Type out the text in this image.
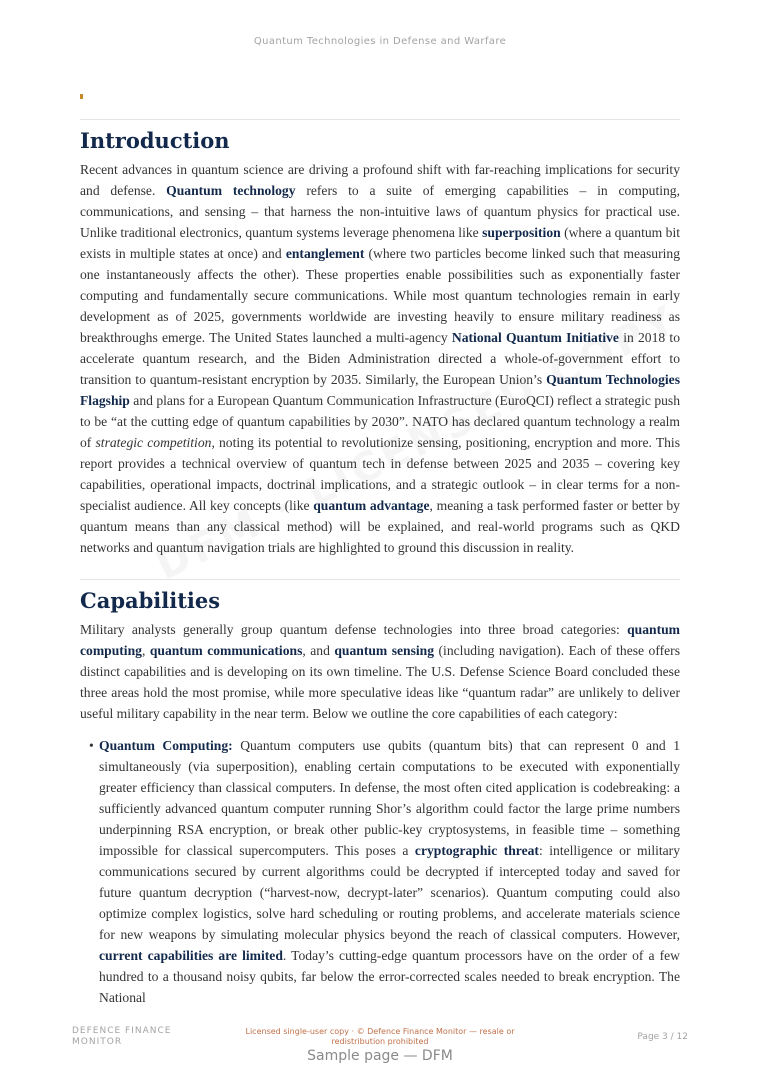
Quantum Technologies in Defense and Warfare
Introduction

Recent advances in quantum science are driving a profound shift with far-reaching implications for security and defense. Quantum technology refers to a suite of emerging capabilities – in computing, communications, and sensing – that harness the non-intuitive laws of quantum physics for practical use. Unlike traditional electronics, quantum systems leverage phenomena like superposition (where a quantum bit exists in multiple states at once) and entanglement (where two particles become linked such that measuring one instantaneously affects the other). These properties enable possibilities such as exponentially faster computing and fundamentally secure communications. While most quantum technologies remain in early development as of 2025, governments worldwide are investing heavily to ensure military readiness as breakthroughs emerge. The United States launched a multi-agency National Quantum Initiative in 2018 to accelerate quantum research, and the Biden Administration directed a whole-of-government effort to transition to quantum-resistant encryption by 2035. Similarly, the European Union’s Quantum Technologies Flagship and plans for a European Quantum Communication Infrastructure (EuroQCI) reflect a strategic push to be “at the cutting edge of quantum capabilities by 2030”. NATO has declared quantum technology a realm of strategic competition, noting its potential to revolutionize sensing, positioning, encryption and more. This report provides a technical overview of quantum tech in defense between 2025 and 2035 – covering key capabilities, operational impacts, doctrinal implications, and a strategic outlook – in clear terms for a non-specialist audience. All key concepts (like quantum advantage, meaning a task performed faster or better by quantum means than any classical method) will be explained, and real-world programs such as QKD networks and quantum navigation trials are highlighted to ground this discussion in reality.

Capabilities

Military analysts generally group quantum defense technologies into three broad categories: quantum computing, quantum communications, and quantum sensing (including navigation). Each of these offers distinct capabilities and is developing on its own timeline. The U.S. Defense Science Board concluded these three areas hold the most promise, while more speculative ideas like “quantum radar” are unlikely to deliver useful military capability in the near term. Below we outline the core capabilities of each category:

• Quantum Computing: Quantum computers use qubits (quantum bits) that can represent 0 and 1 simultaneously (via superposition), enabling certain computations to be executed with exponentially greater efficiency than classical computers. In defense, the most often cited application is codebreaking: a sufficiently advanced quantum computer running Shor’s algorithm could factor the large prime numbers underpinning RSA encryption, or break other public-key cryptosystems, in feasible time – something impossible for classical supercomputers. This poses a cryptographic threat: intelligence or military communications secured by current algorithms could be decrypted if intercepted today and saved for future quantum decryption (“harvest-now, decrypt-later” scenarios). Quantum computing could also optimize complex logistics, solve hard scheduling or routing problems, and accelerate materials science for new weapons by simulating molecular physics beyond the reach of classical computers. However, current capabilities are limited. Today’s cutting-edge quantum processors have on the order of a few hundred to a thousand noisy qubits, far below the error-corrected scales needed to break encryption. The National
DEFENCE FINANCE MONITOR
Licensed single-user copy · © Defence Finance Monitor — resale or redistribution prohibited	Page 3 / 12
Sample page — DFM
